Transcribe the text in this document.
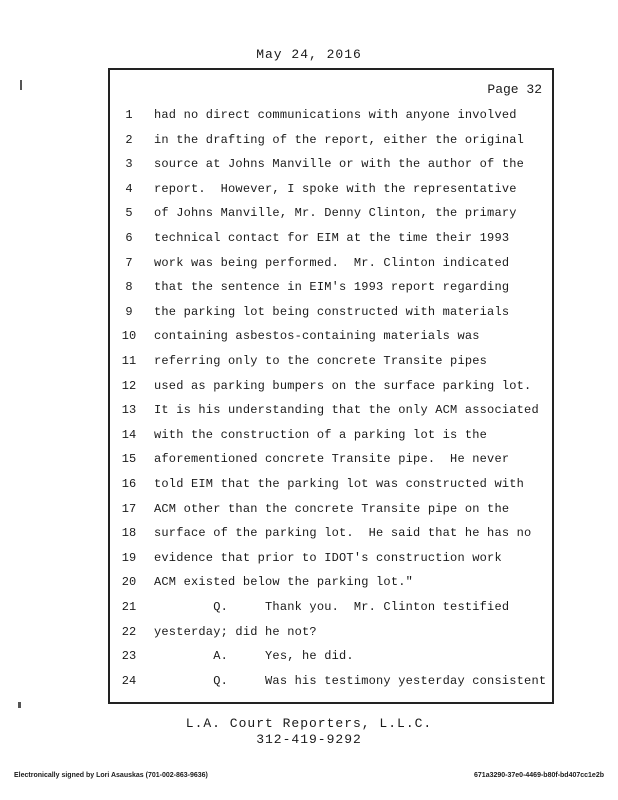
May 24, 2016
Page 32
1	had no direct communications with anyone involved
2	in the drafting of the report, either the original
3	source at Johns Manville or with the author of the
4	report.  However, I spoke with the representative
5	of Johns Manville, Mr. Denny Clinton, the primary
6	technical contact for EIM at the time their 1993
7	work was being performed.  Mr. Clinton indicated
8	that the sentence in EIM's 1993 report regarding
9	the parking lot being constructed with materials
10	containing asbestos-containing materials was
11	referring only to the concrete Transite pipes
12	used as parking bumpers on the surface parking lot.
13	It is his understanding that the only ACM associated
14	with the construction of a parking lot is the
15	aforementioned concrete Transite pipe.  He never
16	told EIM that the parking lot was constructed with
17	ACM other than the concrete Transite pipe on the
18	surface of the parking lot.  He said that he has no
19	evidence that prior to IDOT's construction work
20	ACM existed below the parking lot."
21	Q.     Thank you.  Mr. Clinton testified
22	yesterday; did he not?
23	A.     Yes, he did.
24	Q.     Was his testimony yesterday consistent
L.A. Court Reporters, L.L.C.
312-419-9292
Electronically signed by Lori Asauskas (701-002-863-9636)	671a3290-37e0-4469-b80f-bd407cc1e2b
